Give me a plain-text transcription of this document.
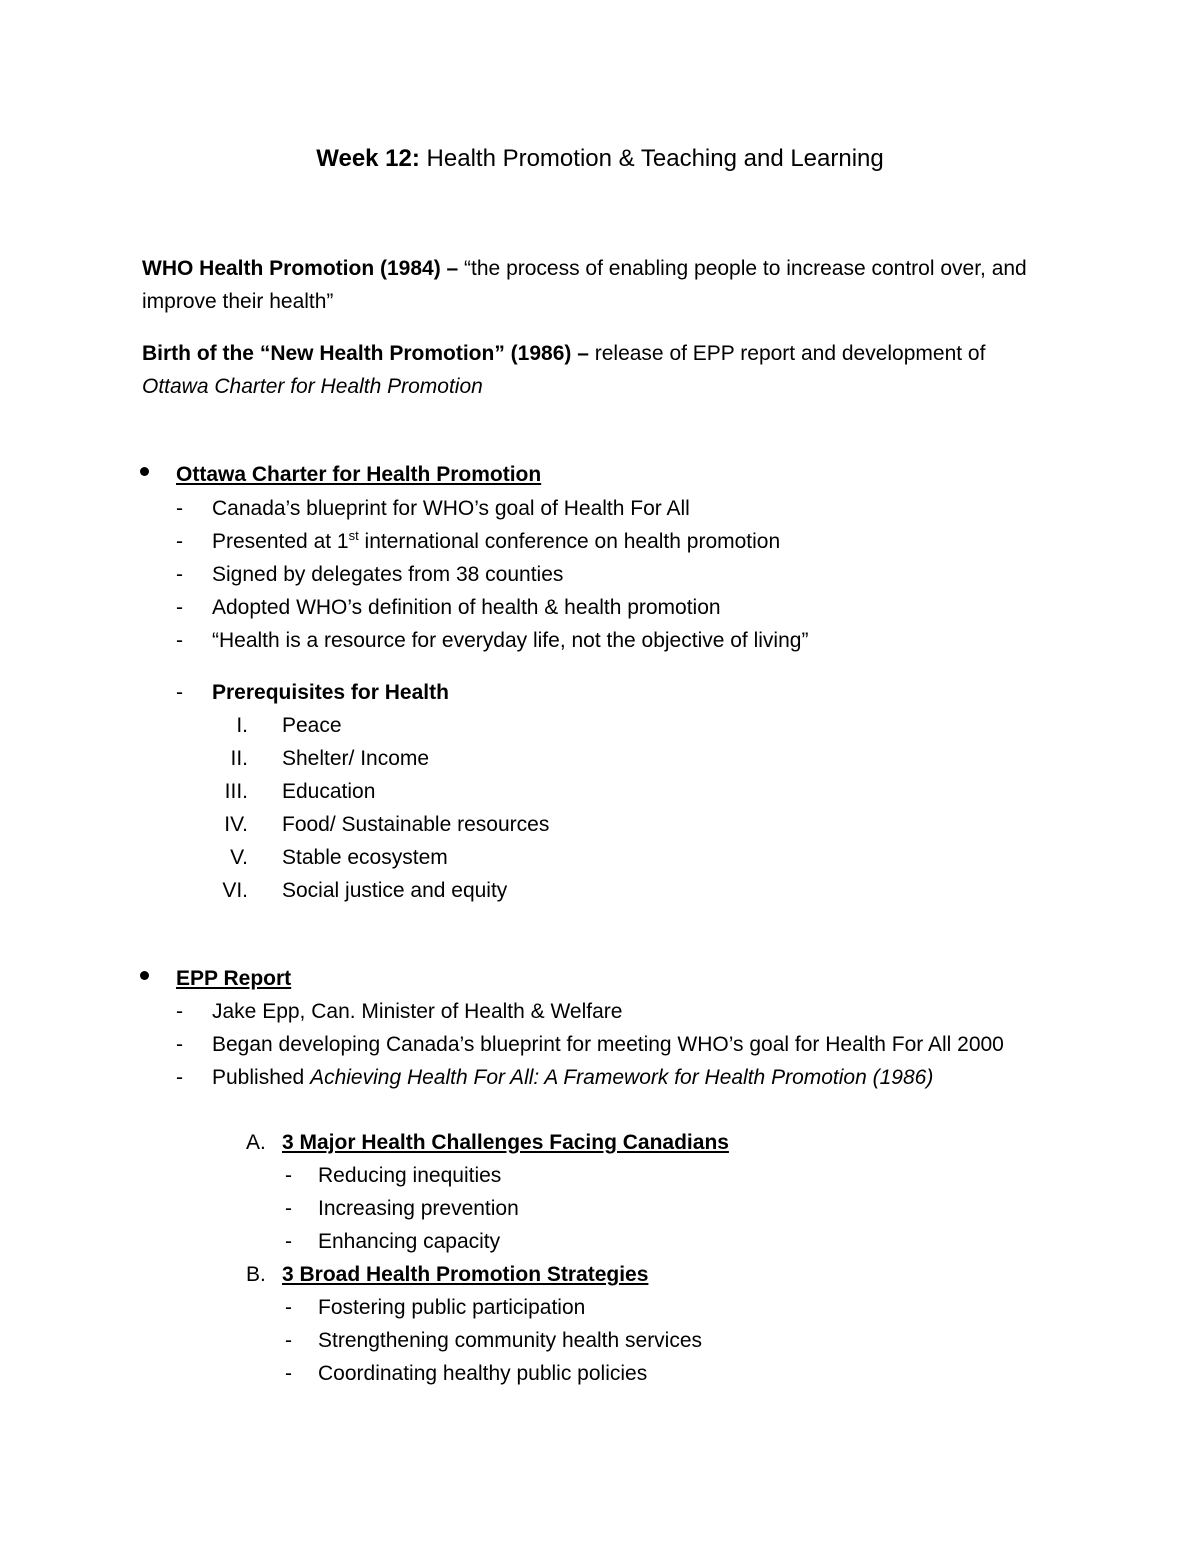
Week 12: Health Promotion & Teaching and Learning
WHO Health Promotion (1984) – “the process of enabling people to increase control over, and
improve their health”
Birth of the “New Health Promotion” (1986) – release of EPP report and development of
Ottawa Charter for Health Promotion
Ottawa Charter for Health Promotion
- Canada’s blueprint for WHO’s goal of Health For All
- Presented at 1st international conference on health promotion
- Signed by delegates from 38 counties
- Adopted WHO’s definition of health & health promotion
- “Health is a resource for everyday life, not the objective of living”
- Prerequisites for Health
I. Peace
II. Shelter/ Income
III. Education
IV. Food/ Sustainable resources
V. Stable ecosystem
VI. Social justice and equity
EPP Report
- Jake Epp, Can. Minister of Health & Welfare
- Began developing Canada’s blueprint for meeting WHO’s goal for Health For All 2000
- Published Achieving Health For All: A Framework for Health Promotion (1986)
A. 3 Major Health Challenges Facing Canadians
- Reducing inequities
- Increasing prevention
- Enhancing capacity
B. 3 Broad Health Promotion Strategies
- Fostering public participation
- Strengthening community health services
- Coordinating healthy public policies
